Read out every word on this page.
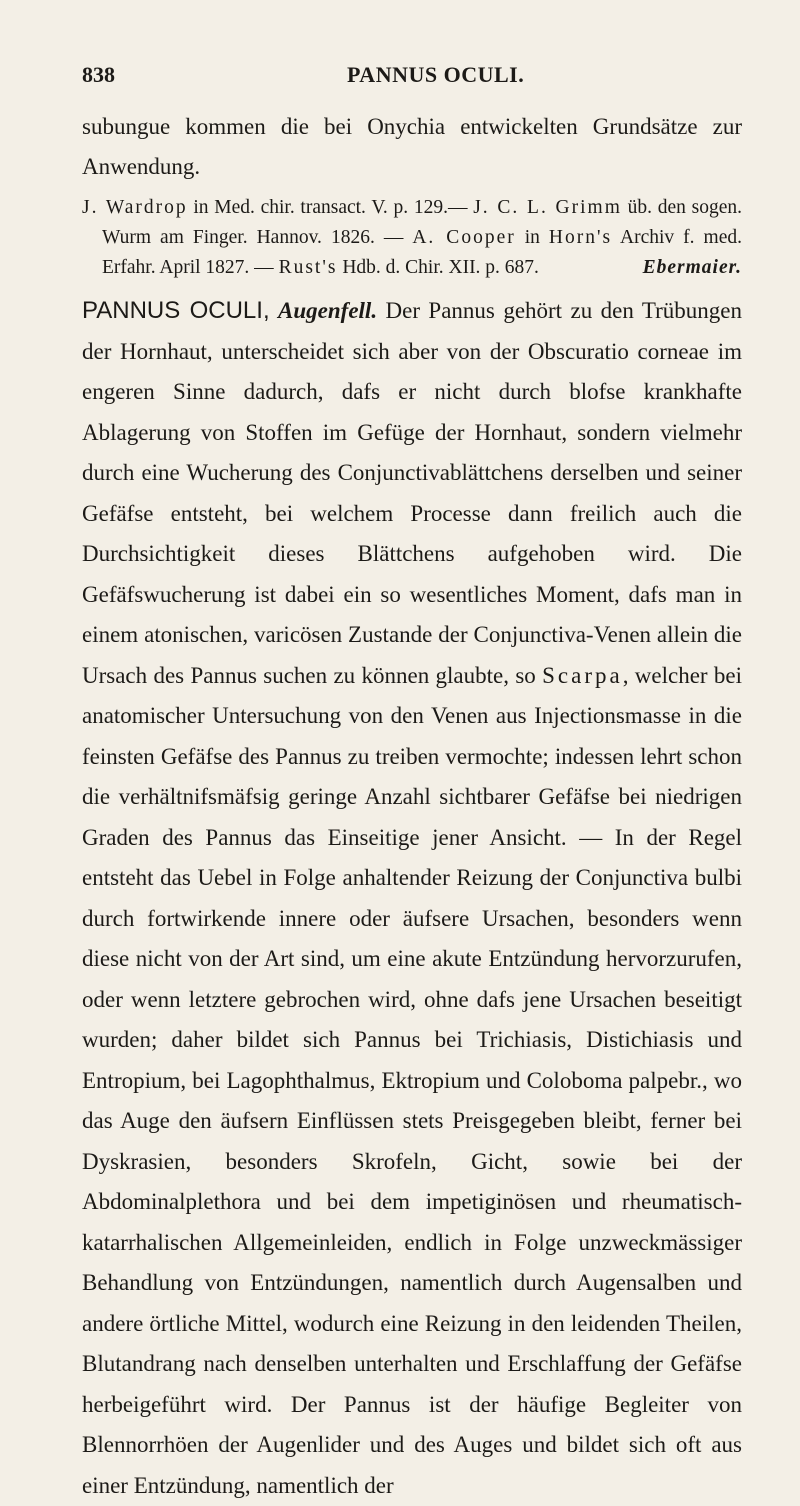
838	PANNUS OCULI.

subungue kommen die bei Onychia entwickelten Grundsätze zur Anwendung.

J. Wardrop in Med. chir. transact. V. p. 129.— J. C. L. Grimm üb. den sogen. Wurm am Finger. Hannov. 1826. — A. Cooper in Horn's Archiv f. med. Erfahr. April 1827. — Rust's Hdb. d. Chir. XII. p. 687.	Ebermaier.

PANNUS OCULI, Augenfell. Der Pannus gehört zu den Trübungen der Hornhaut, unterscheidet sich aber von der Obscuratio corneae im engeren Sinne dadurch, dafs er nicht durch blofse krankhafte Ablagerung von Stoffen im Gefüge der Hornhaut, sondern vielmehr durch eine Wucherung des Conjunctivablättchens derselben und seiner Gefäfse entsteht, bei welchem Processe dann freilich auch die Durchsichtigkeit dieses Blättchens aufgehoben wird. Die Gefäfswucherung ist dabei ein so wesentliches Moment, dafs man in einem atonischen, varicösen Zustande der Conjunctiva-Venen allein die Ursach des Pannus suchen zu können glaubte, so Scarpa, welcher bei anatomischer Untersuchung von den Venen aus Injectionsmasse in die feinsten Gefäfse des Pannus zu treiben vermochte; indessen lehrt schon die verhältnifsmäfsig geringe Anzahl sichtbarer Gefäfse bei niedrigen Graden des Pannus das Einseitige jener Ansicht. — In der Regel entsteht das Uebel in Folge anhaltender Reizung der Conjunctiva bulbi durch fortwirkende innere oder äufsere Ursachen, besonders wenn diese nicht von der Art sind, um eine akute Entzündung hervorzurufen, oder wenn letztere gebrochen wird, ohne dafs jene Ursachen beseitigt wurden; daher bildet sich Pannus bei Trichiasis, Distichiasis und Entropium, bei Lagophthalmus, Ektropium und Coloboma palpebr., wo das Auge den äufsern Einflüssen stets Preisgegeben bleibt, ferner bei Dyskrasien, besonders Skrofeln, Gicht, sowie bei der Abdominalplethora und bei dem impetiginösen und rheumatisch-katarrhalischen Allgemeinleiden, endlich in Folge unzweckmässiger Behandlung von Entzündungen, namentlich durch Augensalben und andere örtliche Mittel, wodurch eine Reizung in den leidenden Theilen, Blutandrang nach denselben unterhalten und Erschlaffung der Gefäfse herbeigeführt wird. Der Pannus ist der häufige Begleiter von Blennorrhöen der Augenlider und des Auges und bildet sich oft aus einer Entzündung, namentlich der
